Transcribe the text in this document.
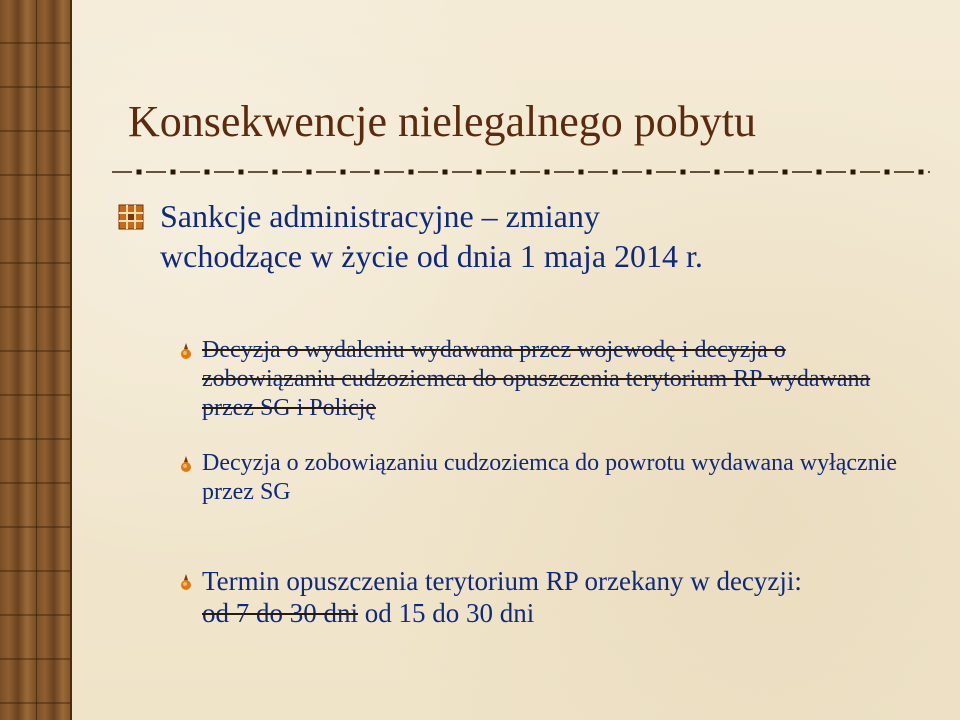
Konsekwencje nielegalnego pobytu
Sankcje administracyjne – zmiany
wchodzące w życie od dnia 1 maja 2014 r.
Decyzja o wydaleniu wydawana przez wojewodę i decyzja o zobowiązaniu cudzoziemca do opuszczenia terytorium RP wydawana przez SG i Policję
Decyzja o zobowiązaniu cudzoziemca do powrotu wydawana wyłącznie przez SG
Termin opuszczenia terytorium RP orzekany w decyzji:
od 7 do 30 dni od 15 do 30 dni
